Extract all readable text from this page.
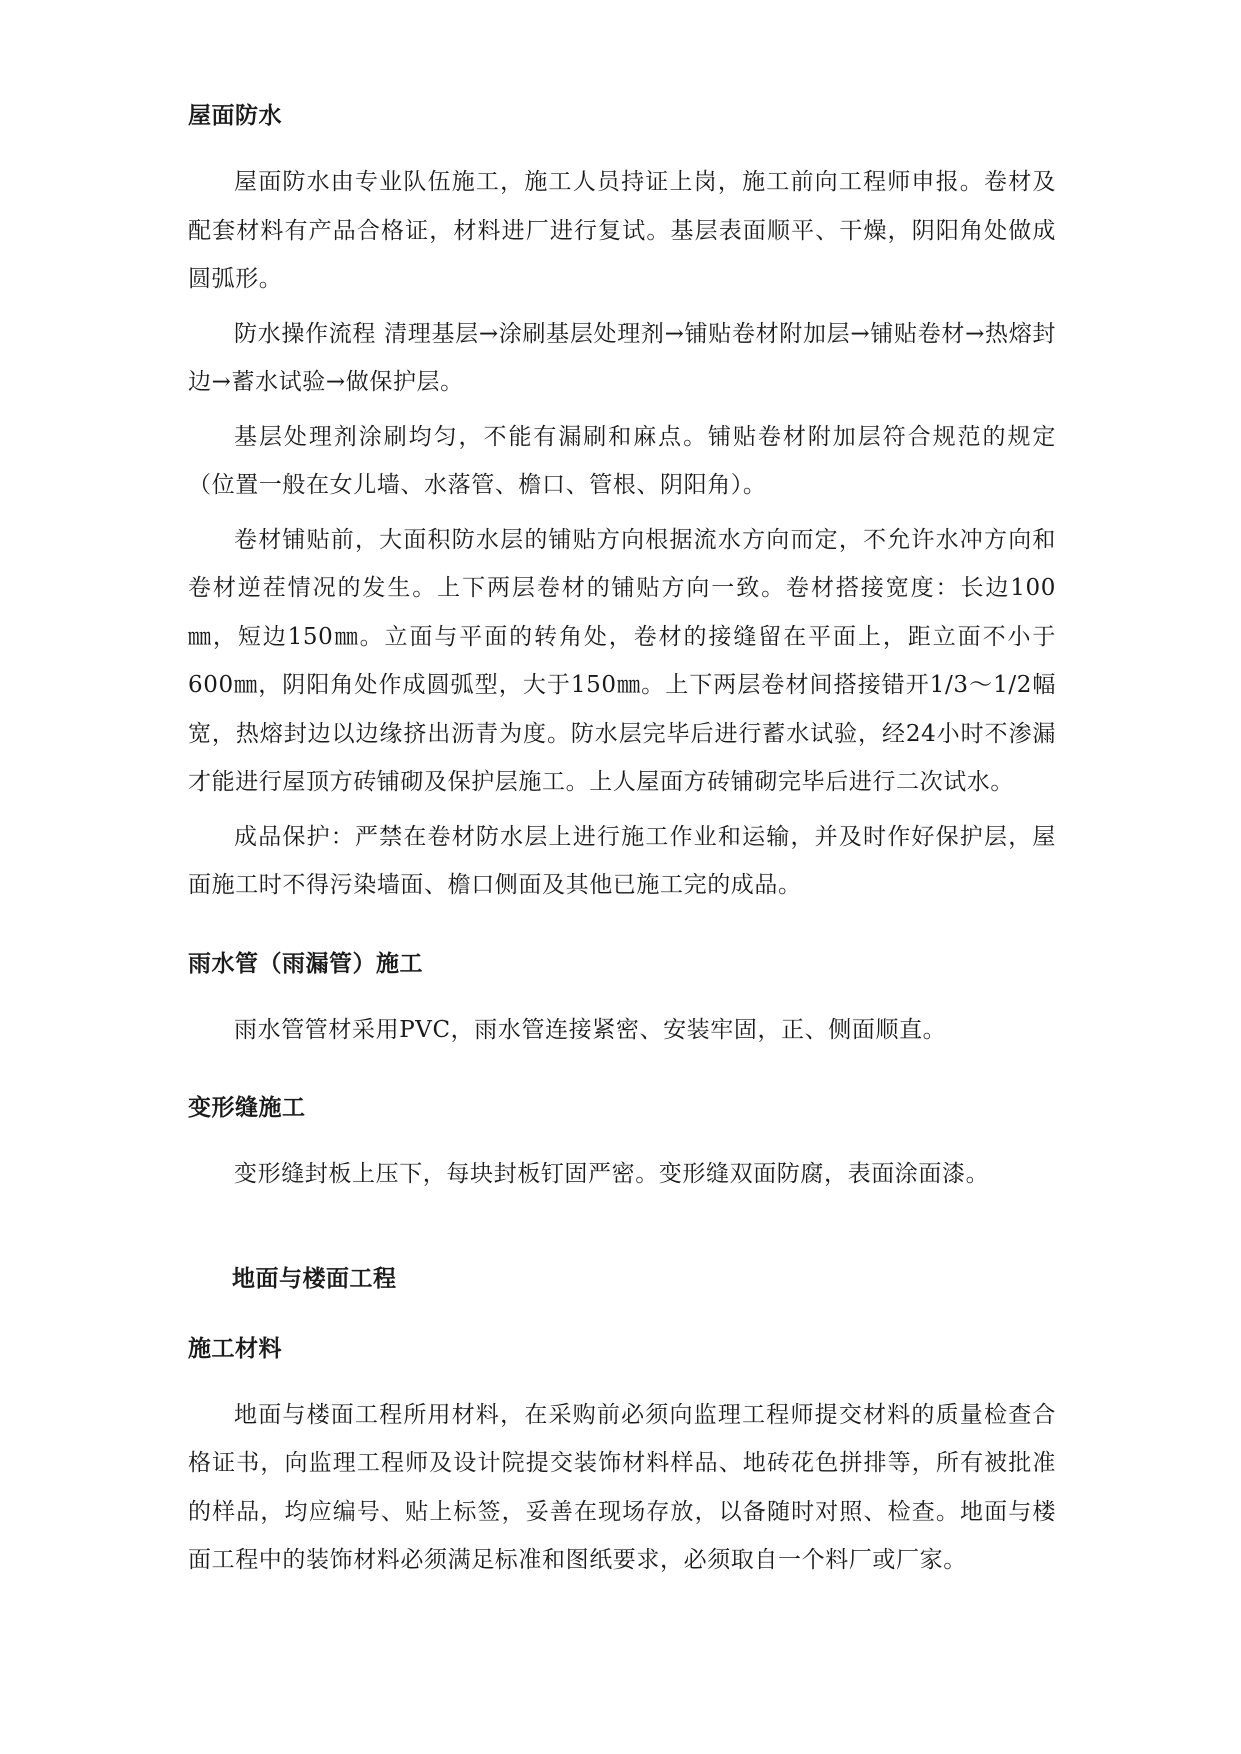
屋面防水

屋面防水由专业队伍施工，施工人员持证上岗，施工前向工程师申报。卷材及配套材料有产品合格证，材料进厂进行复试。基层表面顺平、干燥，阴阳角处做成圆弧形。

防水操作流程 清理基层→涂刷基层处理剂→铺贴卷材附加层→铺贴卷材→热熔封边→蓄水试验→做保护层。

基层处理剂涂刷均匀，不能有漏刷和麻点。铺贴卷材附加层符合规范的规定（位置一般在女儿墙、水落管、檐口、管根、阴阳角）。

卷材铺贴前，大面积防水层的铺贴方向根据流水方向而定，不允许水冲方向和卷材逆茬情况的发生。上下两层卷材的铺贴方向一致。卷材搭接宽度：长边100㎜，短边150㎜。立面与平面的转角处，卷材的接缝留在平面上，距立面不小于600㎜，阴阳角处作成圆弧型，大于150㎜。上下两层卷材间搭接错开1/3～1/2幅宽，热熔封边以边缘挤出沥青为度。防水层完毕后进行蓄水试验，经24小时不渗漏才能进行屋顶方砖铺砌及保护层施工。上人屋面方砖铺砌完毕后进行二次试水。

成品保护：严禁在卷材防水层上进行施工作业和运输，并及时作好保护层，屋面施工时不得污染墙面、檐口侧面及其他已施工完的成品。

雨水管（雨漏管）施工

雨水管管材采用PVC，雨水管连接紧密、安装牢固，正、侧面顺直。

变形缝施工

变形缝封板上压下，每块封板钉固严密。变形缝双面防腐，表面涂面漆。

地面与楼面工程
施工材料

地面与楼面工程所用材料，在采购前必须向监理工程师提交材料的质量检查合格证书，向监理工程师及设计院提交装饰材料样品、地砖花色拼排等，所有被批准的样品，均应编号、贴上标签，妥善在现场存放，以备随时对照、检查。地面与楼面工程中的装饰材料必须满足标准和图纸要求，必须取自一个料厂或厂家。
